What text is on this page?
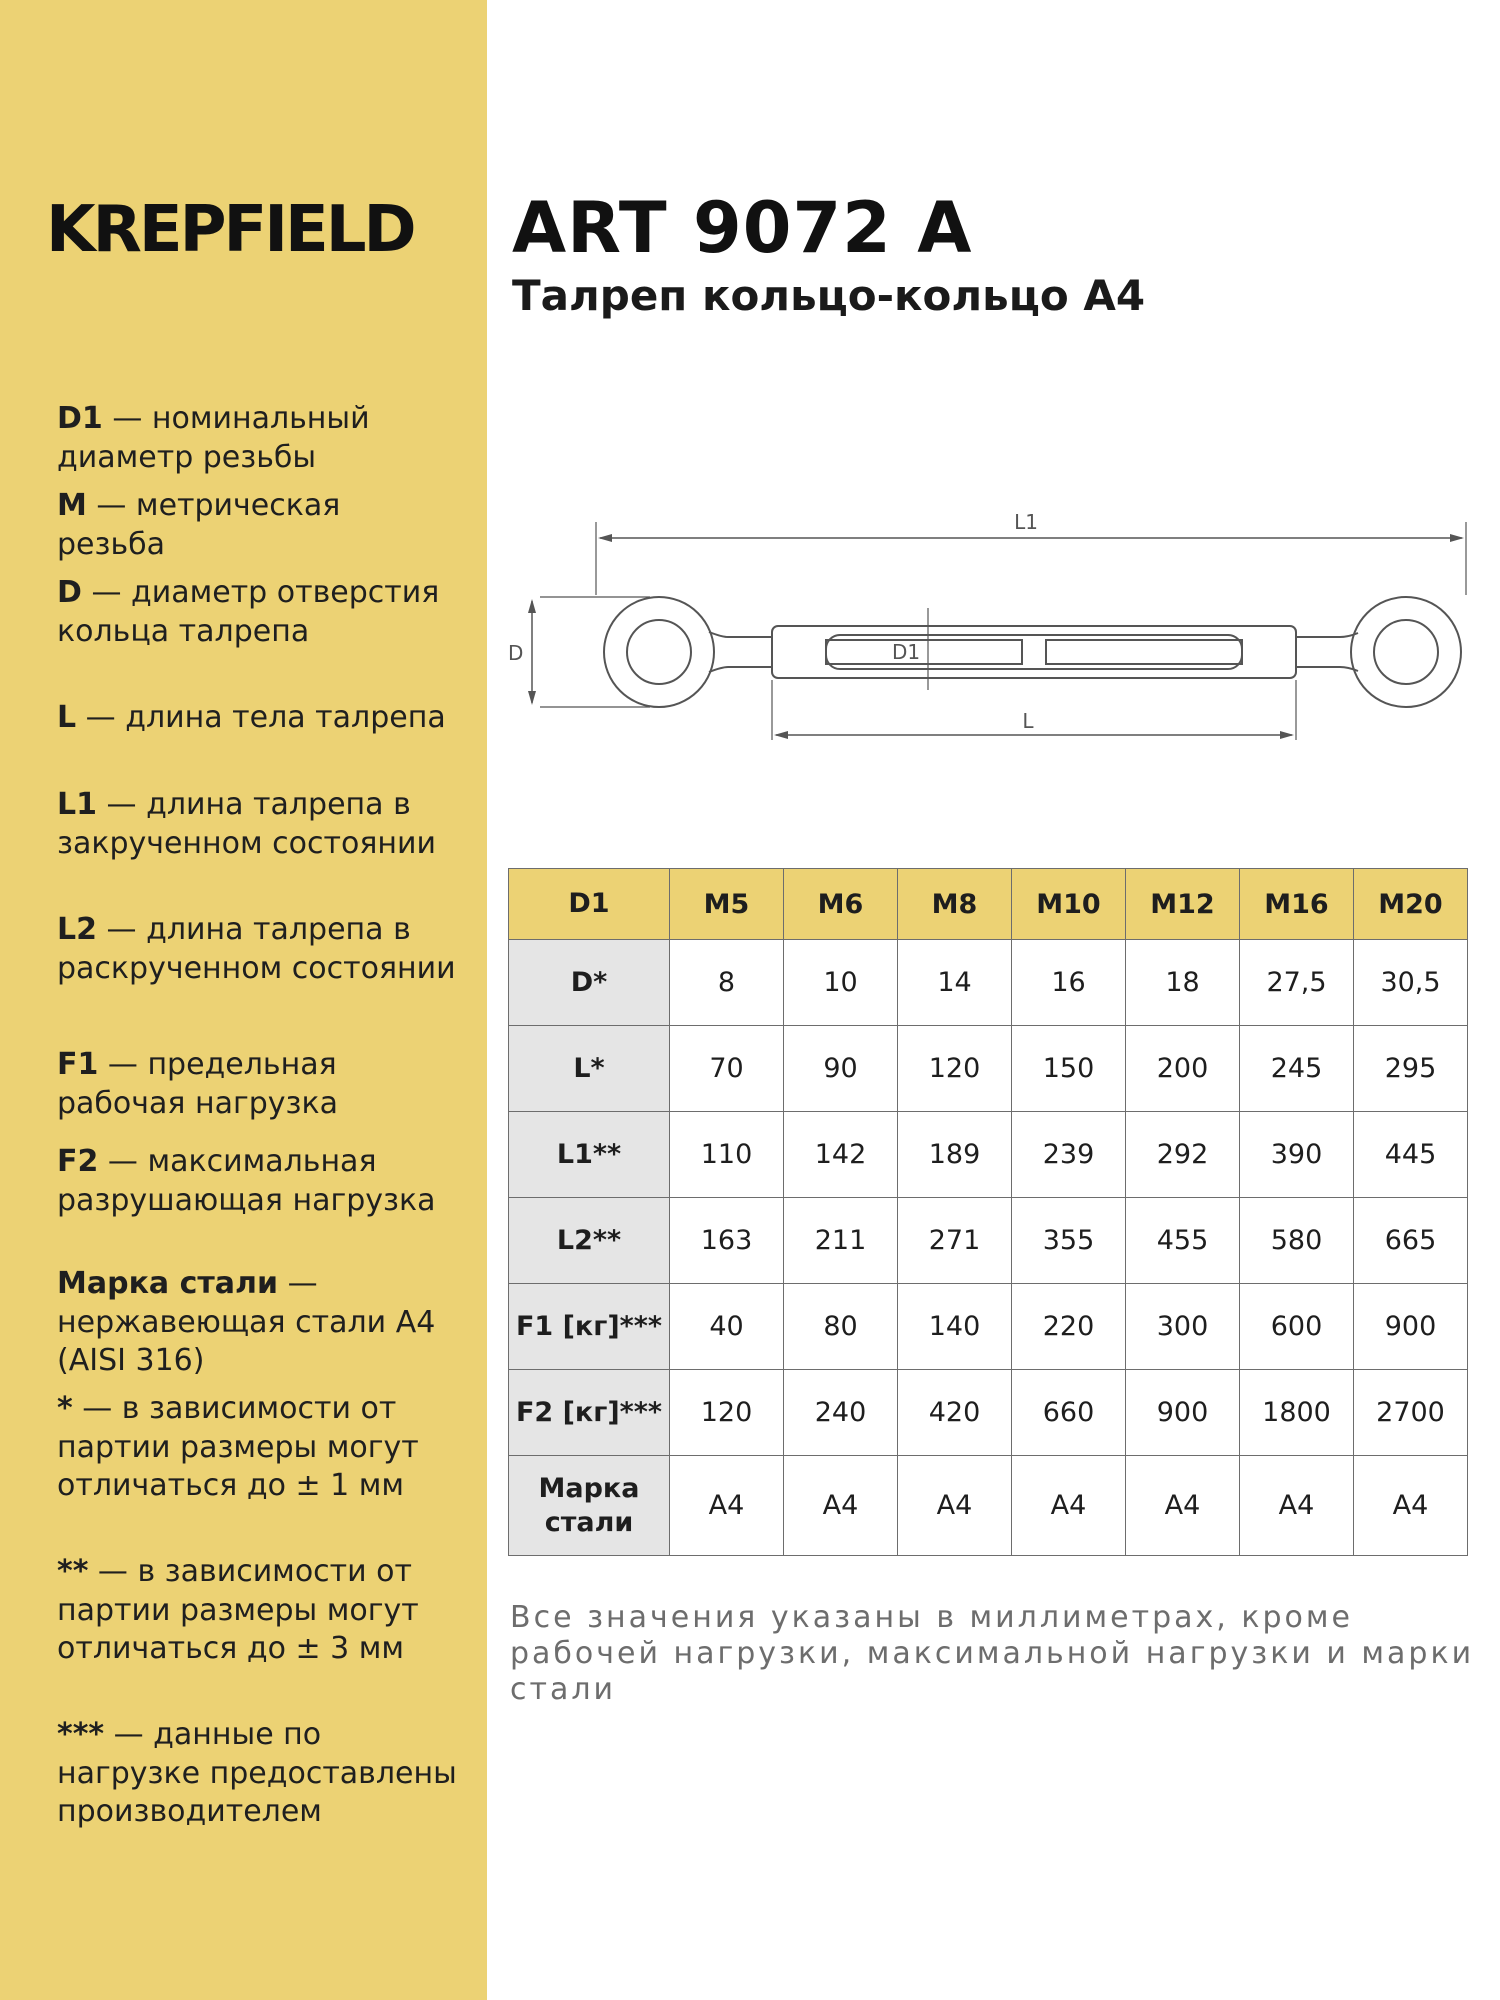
KREPFIELD
D1 — номинальный диаметр резьбы
M — метрическая резьба
D — диаметр отверстия кольца талрепа
L — длина тела талрепа
L1 — длина талрепа в закрученном состоянии
L2 — длина талрепа в раскрученном состоянии
F1 — предельная рабочая нагрузка
F2 — максимальная разрушающая нагрузка
Марка стали — нержавеющая стали А4 (AISI 316)
* — в зависимости от партии размеры могут отличаться до ± 1 мм
** — в зависимости от партии размеры могут отличаться до ± 3 мм
*** — данные по нагрузке предоставлены производителем
ART 9072 A
Талреп кольцо-кольцо А4
L1
D	D1
L
D1	M5	M6	M8	M10	M12	M16	M20
D*	8	10	14	16	18	27,5	30,5
L*	70	90	120	150	200	245	295
L1**	110	142	189	239	292	390	445
L2**	163	211	271	355	455	580	665
F1 [кг]***	40	80	140	220	300	600	900
F2 [кг]***	120	240	420	660	900	1800	2700
Марка стали	А4	А4	А4	А4	А4	А4	А4
Все значения указаны в миллиметрах, кроме рабочей нагрузки, максимальной нагрузки и марки стали
